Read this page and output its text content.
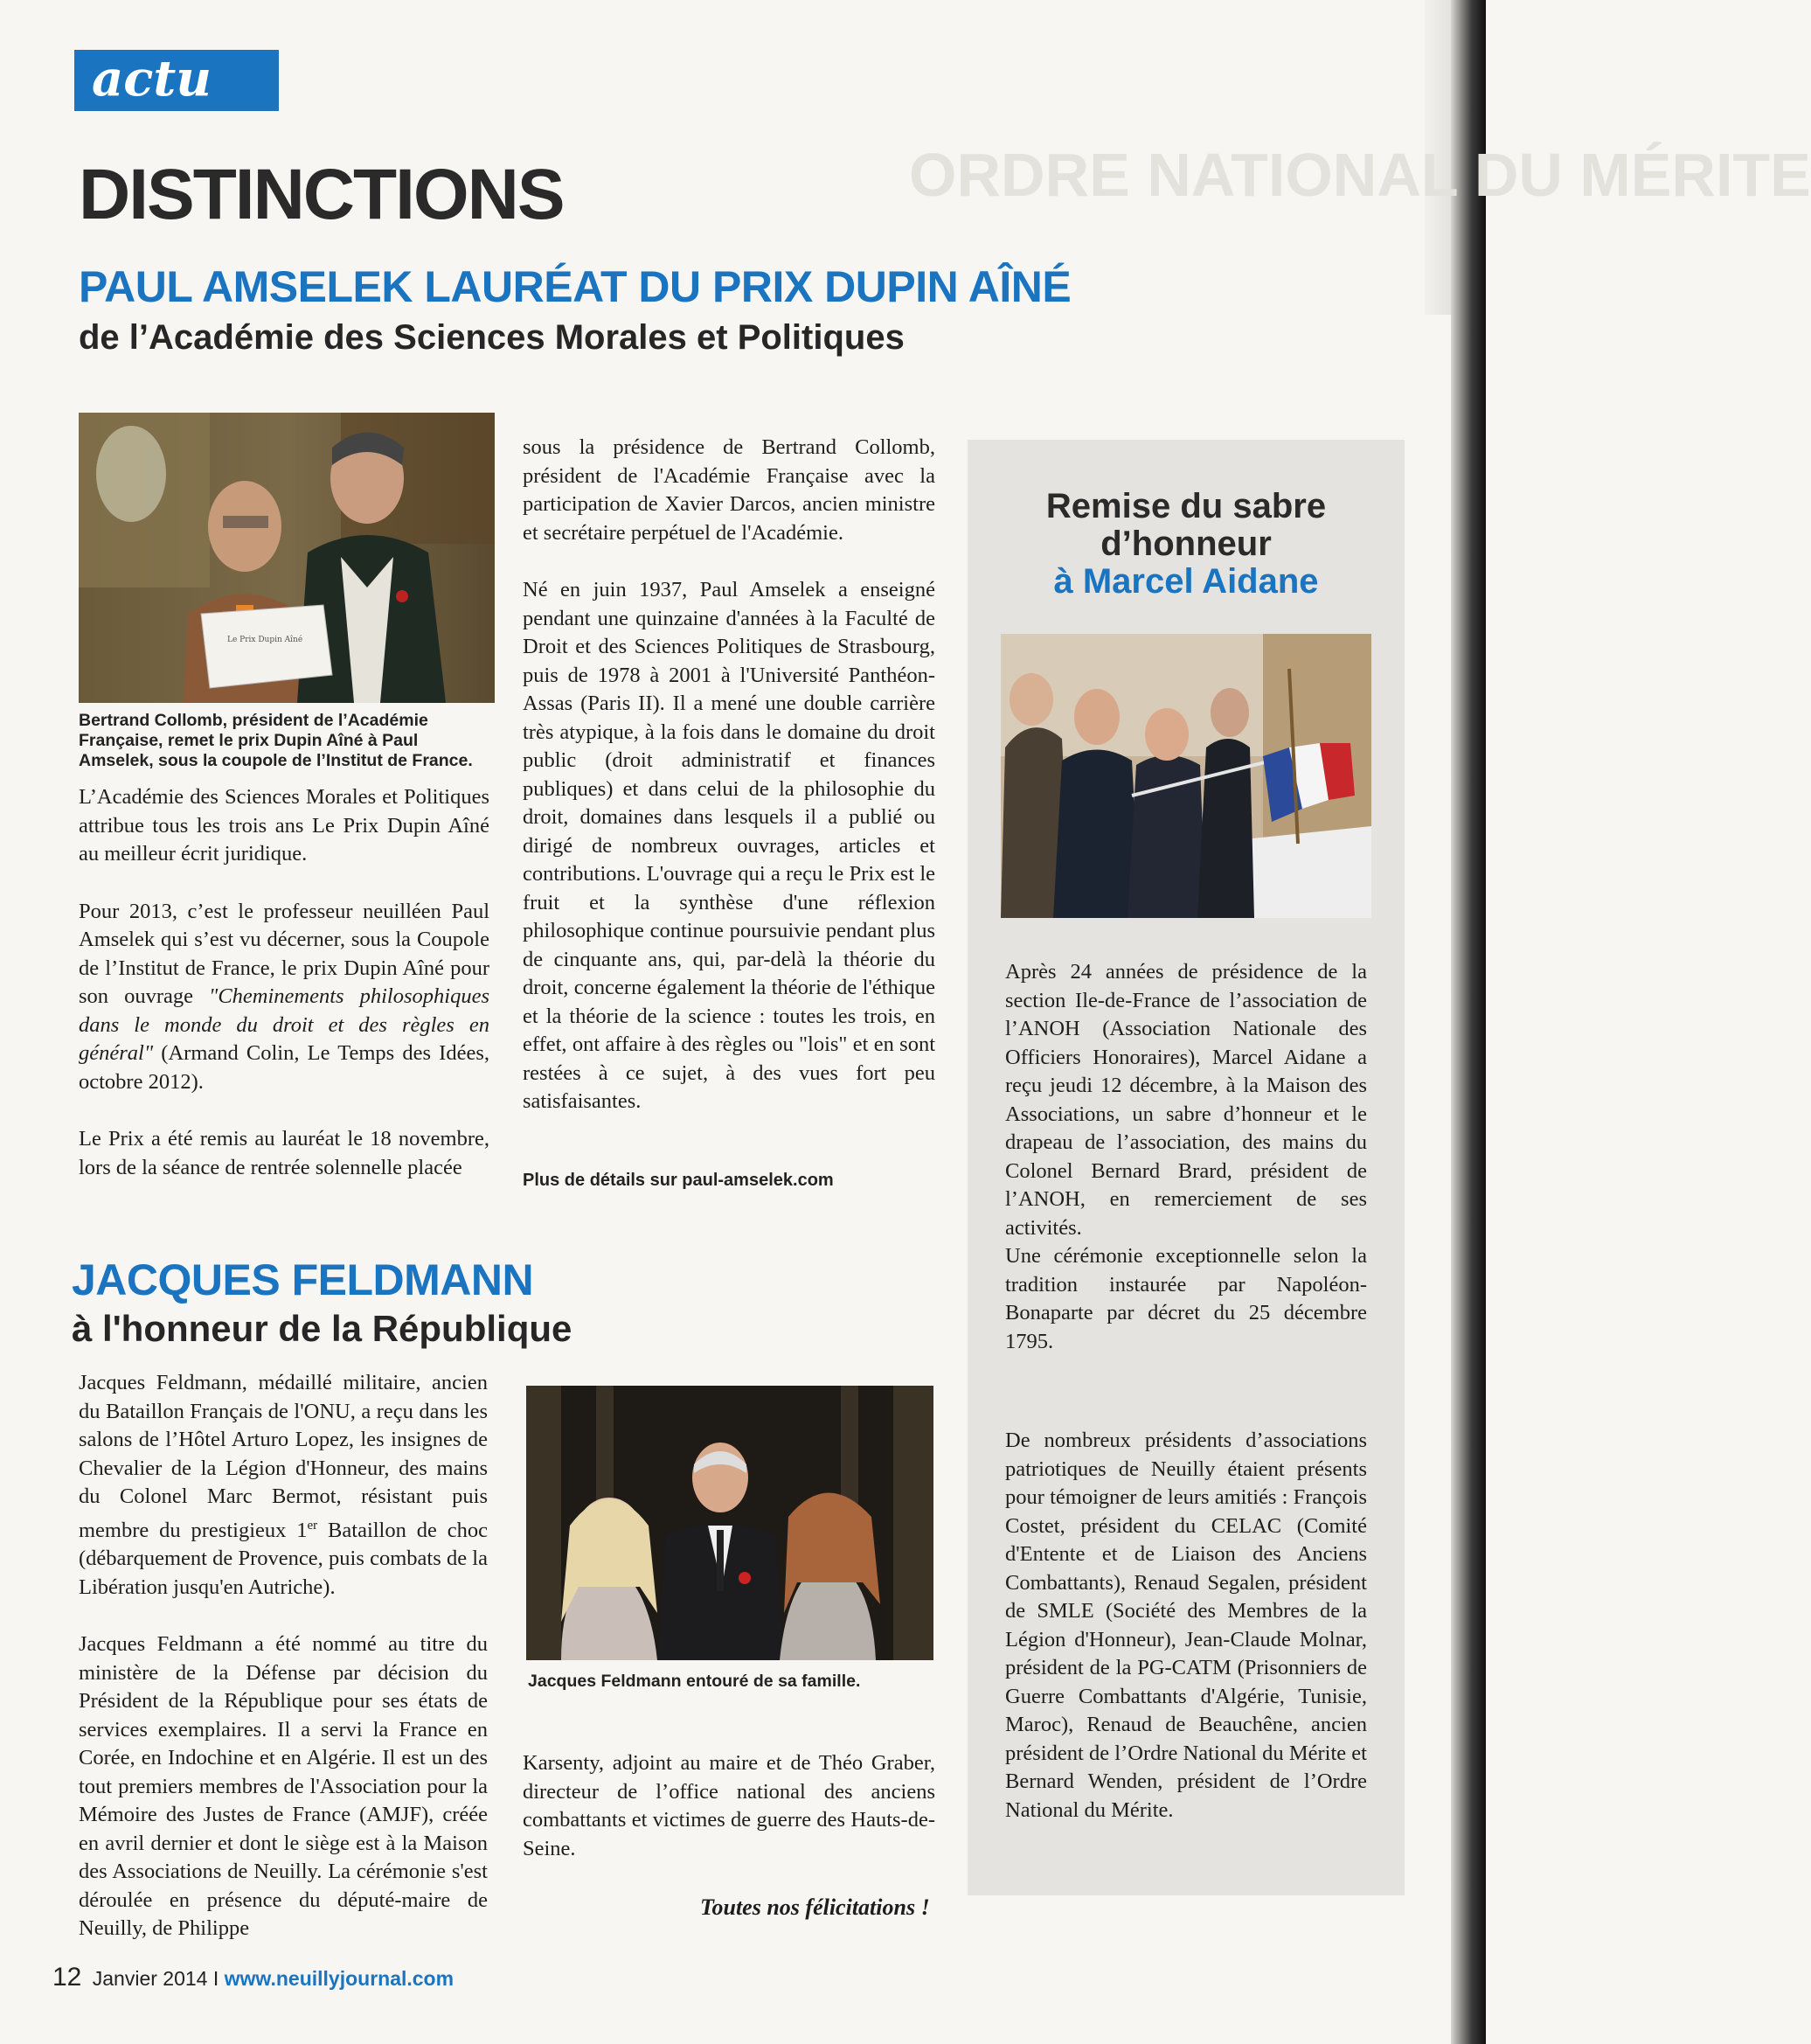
ORDRE NATIONAL DU MÉRITE
actu
DISTINCTIONS
PAUL AMSELEK LAURÉAT DU PRIX DUPIN AÎNÉ
de l’Académie des Sciences Morales et Politiques
Le Prix Dupin Aîné
Bertrand Collomb, président de l’Académie Française, remet le prix Dupin Aîné à Paul Amselek, sous la coupole de l’Institut de France.

L’Académie des Sciences Morales et Politiques attribue tous les trois ans Le Prix Dupin Aîné au meilleur écrit juridique.

Pour 2013, c’est le professeur neuilléen Paul Amselek qui s’est vu décerner, sous la Coupole de l’Institut de France, le prix Dupin Aîné pour son ouvrage "Cheminements philosophiques dans le monde du droit et des règles en général" (Armand Colin, Le Temps des Idées, octobre 2012).

Le Prix a été remis au lauréat le 18 novembre, lors de la séance de rentrée solennelle placée

sous la présidence de Bertrand Collomb, président de l'Académie Française avec la participation de Xavier Darcos, ancien ministre et secrétaire perpétuel de l'Académie.

Né en juin 1937, Paul Amselek a enseigné pendant une quinzaine d'années à la Faculté de Droit et des Sciences Politiques de Strasbourg, puis de 1978 à 2001 à l'Université Panthéon-Assas (Paris II). Il a mené une double carrière très atypique, à la fois dans le domaine du droit public (droit administratif et finances publiques) et dans celui de la philosophie du droit, domaines dans lesquels il a publié ou dirigé de nombreux ouvrages, articles et contributions. L'ouvrage qui a reçu le Prix est le fruit et la synthèse d'une réflexion philosophique continue poursuivie pendant plus de cinquante ans, qui, par-delà la théorie du droit, concerne également la théorie de l'éthique et la théorie de la science : toutes les trois, en effet, ont affaire à des règles ou "lois" et en sont restées à ce sujet, à des vues fort peu satisfaisantes.

Plus de détails sur paul-amselek.com
JACQUES FELDMANN
à l'honneur de la République

Jacques Feldmann, médaillé militaire, ancien du Bataillon Français de l'ONU, a reçu dans les salons de l’Hôtel Arturo Lopez, les insignes de Chevalier de la Légion d'Honneur, des mains du Colonel Marc Bermot, résistant puis membre du prestigieux 1er Bataillon de choc (débarquement de Provence, puis combats de la Libération jusqu'en Autriche).

Jacques Feldmann a été nommé au titre du ministère de la Défense par décision du Président de la République pour ses états de services exemplaires. Il a servi la France en Corée, en Indochine et en Algérie. Il est un des tout premiers membres de l'Association pour la Mémoire des Justes de France (AMJF), créée en avril dernier et dont le siège est à la Maison des Associations de Neuilly. La cérémonie s'est déroulée en présence du député-maire de Neuilly, de Philippe

Jacques Feldmann entouré de sa famille.

Karsenty, adjoint au maire et de Théo Graber, directeur de l’office national des anciens combattants et victimes de guerre des Hauts-de-Seine.

Toutes nos félicitations !
Remise du sabre
d’honneur
à Marcel Aidane
Après 24 années de présidence de la section Ile-de-France de l’association de l’ANOH (Association Nationale des Officiers Honoraires), Marcel Aidane a reçu jeudi 12 décembre, à la Maison des Associations, un sabre d’honneur et le drapeau de l’association, des mains du Colonel Bernard Brard, président de l’ANOH, en remerciement de ses activités.
Une cérémonie exceptionnelle selon la tradition instaurée par Napoléon-Bonaparte par décret du 25 décembre 1795.
De nombreux présidents d’associations patriotiques de Neuilly étaient présents pour témoigner de leurs amitiés : François Costet, président du CELAC (Comité d'Entente et de Liaison des Anciens Combattants), Renaud Segalen, président de SMLE (Société des Membres de la Légion d'Honneur), Jean-Claude Molnar, président de la PG-CATM (Prisonniers de Guerre Combattants d'Algérie, Tunisie, Maroc), Renaud de Beauchêne, ancien président de l’Ordre National du Mérite et Bernard Wenden, président de l’Ordre National du Mérite.
12 Janvier 2014 I www.neuillyjournal.com
